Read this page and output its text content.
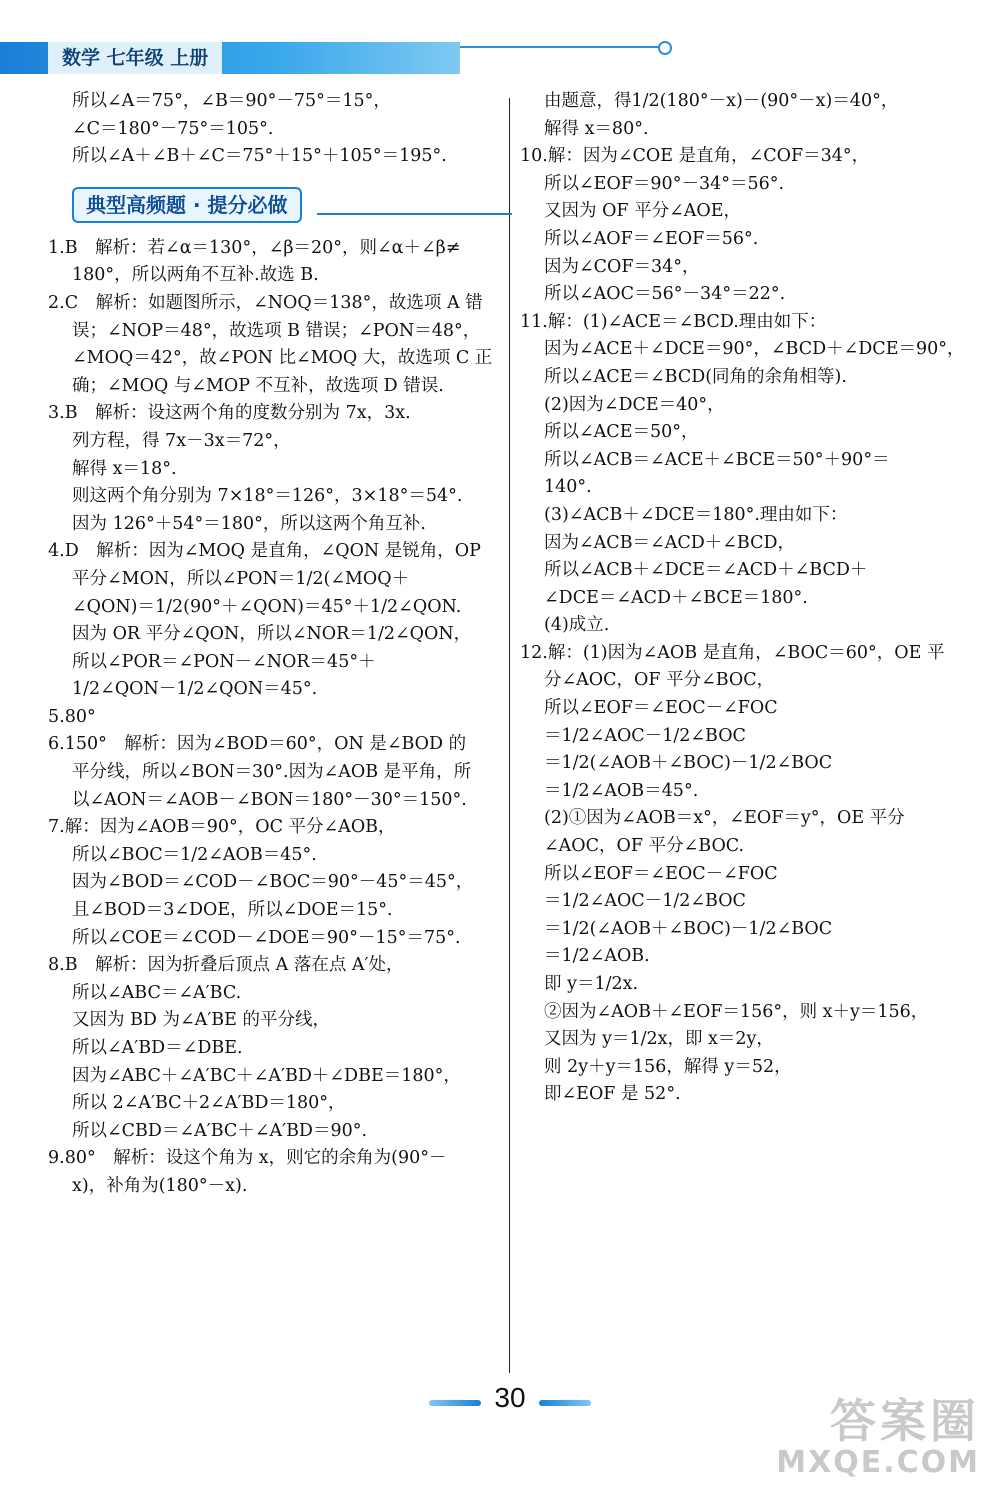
数学 七年级 上册
所以∠A＝75°，∠B＝90°－75°＝15°，
∠C＝180°－75°＝105°.
所以∠A＋∠B＋∠C＝75°＋15°＋105°＝195°.
典型高频题 · 提分必做
1.B　解析：若∠α＝130°，∠β＝20°，则∠α＋∠β≠
180°，所以两角不互补.故选 B.
2.C　解析：如题图所示，∠NOQ＝138°，故选项 A 错
误；∠NOP＝48°，故选项 B 错误；∠PON＝48°，
∠MOQ＝42°，故∠PON 比∠MOQ 大，故选项 C 正
确；∠MOQ 与∠MOP 不互补，故选项 D 错误.
3.B　解析：设这两个角的度数分别为 7x，3x.
列方程，得 7x－3x＝72°，
解得 x＝18°.
则这两个角分别为 7×18°＝126°，3×18°＝54°.
因为 126°＋54°＝180°，所以这两个角互补.
4.D　解析：因为∠MOQ 是直角，∠QON 是锐角，OP
平分∠MON，所以∠PON＝1/2(∠MOQ＋
∠QON)＝1/2(90°＋∠QON)＝45°＋1/2∠QON.
因为 OR 平分∠QON，所以∠NOR＝1/2∠QON，
所以∠POR＝∠PON－∠NOR＝45°＋
1/2∠QON－1/2∠QON＝45°.
5.80°
6.150°　解析：因为∠BOD＝60°，ON 是∠BOD 的
平分线，所以∠BON＝30°.因为∠AOB 是平角，所
以∠AON＝∠AOB－∠BON＝180°－30°＝150°.
7.解：因为∠AOB＝90°，OC 平分∠AOB，
所以∠BOC＝1/2∠AOB＝45°.
因为∠BOD＝∠COD－∠BOC＝90°－45°＝45°，
且∠BOD＝3∠DOE，所以∠DOE＝15°.
所以∠COE＝∠COD－∠DOE＝90°－15°＝75°.
8.B　解析：因为折叠后顶点 A 落在点 A′处，
所以∠ABC＝∠A′BC.
又因为 BD 为∠A′BE 的平分线，
所以∠A′BD＝∠DBE.
因为∠ABC＋∠A′BC＋∠A′BD＋∠DBE＝180°，
所以 2∠A′BC＋2∠A′BD＝180°，
所以∠CBD＝∠A′BC＋∠A′BD＝90°.
9.80°　解析：设这个角为 x，则它的余角为(90°－
x)，补角为(180°－x).
由题意，得1/2(180°－x)－(90°－x)＝40°，
解得 x＝80°.
10.解：因为∠COE 是直角，∠COF＝34°，
所以∠EOF＝90°－34°＝56°.
又因为 OF 平分∠AOE，
所以∠AOF＝∠EOF＝56°.
因为∠COF＝34°，
所以∠AOC＝56°－34°＝22°.
11.解：(1)∠ACE＝∠BCD.理由如下：
因为∠ACE＋∠DCE＝90°，∠BCD＋∠DCE＝90°，
所以∠ACE＝∠BCD(同角的余角相等).
(2)因为∠DCE＝40°，
所以∠ACE＝50°，
所以∠ACB＝∠ACE＋∠BCE＝50°＋90°＝
140°.
(3)∠ACB＋∠DCE＝180°.理由如下：
因为∠ACB＝∠ACD＋∠BCD，
所以∠ACB＋∠DCE＝∠ACD＋∠BCD＋
∠DCE＝∠ACD＋∠BCE＝180°.
(4)成立.
12.解：(1)因为∠AOB 是直角，∠BOC＝60°，OE 平
分∠AOC，OF 平分∠BOC，
所以∠EOF＝∠EOC－∠FOC
＝1/2∠AOC－1/2∠BOC
＝1/2(∠AOB＋∠BOC)－1/2∠BOC
＝1/2∠AOB＝45°.
(2)①因为∠AOB＝x°，∠EOF＝y°，OE 平分
∠AOC，OF 平分∠BOC.
所以∠EOF＝∠EOC－∠FOC
＝1/2∠AOC－1/2∠BOC
＝1/2(∠AOB＋∠BOC)－1/2∠BOC
＝1/2∠AOB.
即 y＝1/2x.
②因为∠AOB＋∠EOF＝156°，则 x＋y＝156，
又因为 y＝1/2x，即 x＝2y，
则 2y＋y＝156，解得 y＝52，
即∠EOF 是 52°.
30	答案圈
MXQE.COM
